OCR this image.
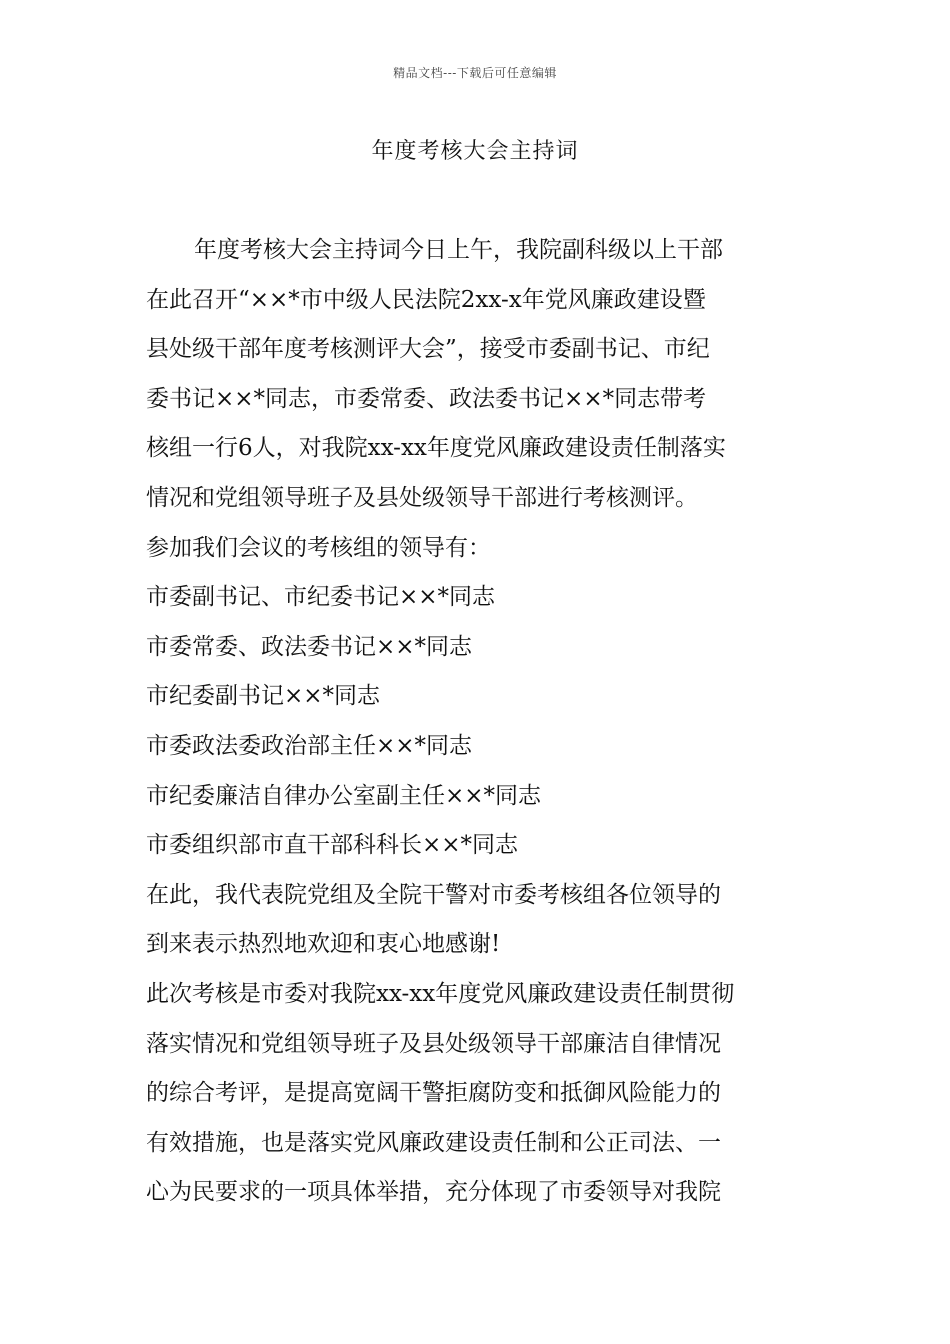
精品文档---下载后可任意编辑
年度考核大会主持词
年度考核大会主持词今日上午，我院副科级以上干部
在此召开“××*市中级人民法院2xx-x年党风廉政建设暨
县处级干部年度考核测评大会”，接受市委副书记、市纪
委书记××*同志，市委常委、政法委书记××*同志带考
核组一行6人，对我院xx-xx年度党风廉政建设责任制落实
情况和党组领导班子及县处级领导干部进行考核测评。
参加我们会议的考核组的领导有：
市委副书记、市纪委书记××*同志
市委常委、政法委书记××*同志
市纪委副书记××*同志
市委政法委政治部主任××*同志
市纪委廉洁自律办公室副主任××*同志
市委组织部市直干部科科长××*同志
在此，我代表院党组及全院干警对市委考核组各位领导的
到来表示热烈地欢迎和衷心地感谢!
此次考核是市委对我院xx-xx年度党风廉政建设责任制贯彻
落实情况和党组领导班子及县处级领导干部廉洁自律情况
的综合考评，是提高宽阔干警拒腐防变和抵御风险能力的
有效措施，也是落实党风廉政建设责任制和公正司法、一
心为民要求的一项具体举措，充分体现了市委领导对我院
